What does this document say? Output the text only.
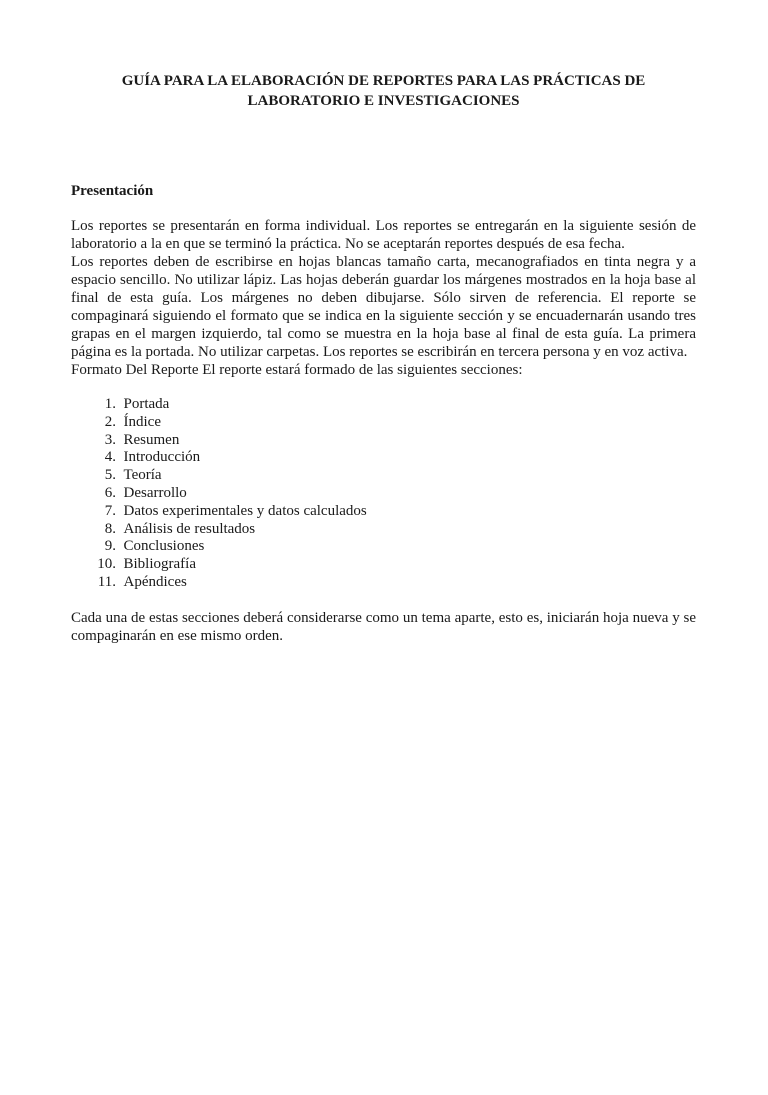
GUÍA PARA LA ELABORACIÓN DE REPORTES PARA LAS PRÁCTICAS DE
LABORATORIO E INVESTIGACIONES
Presentación

Los reportes se presentarán en forma individual. Los reportes se entregarán en la siguiente sesión de laboratorio a la en que se terminó la práctica. No se aceptarán reportes después de esa fecha.

Los reportes deben de escribirse en hojas blancas tamaño carta, mecanografiados en tinta negra y a espacio sencillo. No utilizar lápiz. Las hojas deberán guardar los márgenes mostrados en la hoja base al final de esta guía. Los márgenes no deben dibujarse. Sólo sirven de referencia. El reporte se compaginará siguiendo el formato que se indica en la siguiente sección y se encuadernarán usando tres grapas en el margen izquierdo, tal como se muestra en la hoja base al final de esta guía. La primera página es la portada. No utilizar carpetas. Los reportes se escribirán en tercera persona y en voz activa.

Formato Del Reporte El reporte estará formado de las siguientes secciones:

1.
Portada
2.
Índice
3.
Resumen
4.
Introducción
5.
Teoría
6.
Desarrollo
7.
Datos experimentales y datos calculados
8.
Análisis de resultados
9.
Conclusiones
10.
Bibliografía
11.
Apéndices

Cada una de estas secciones deberá considerarse como un tema aparte, esto es, iniciarán hoja nueva y se compaginarán en ese mismo orden.
